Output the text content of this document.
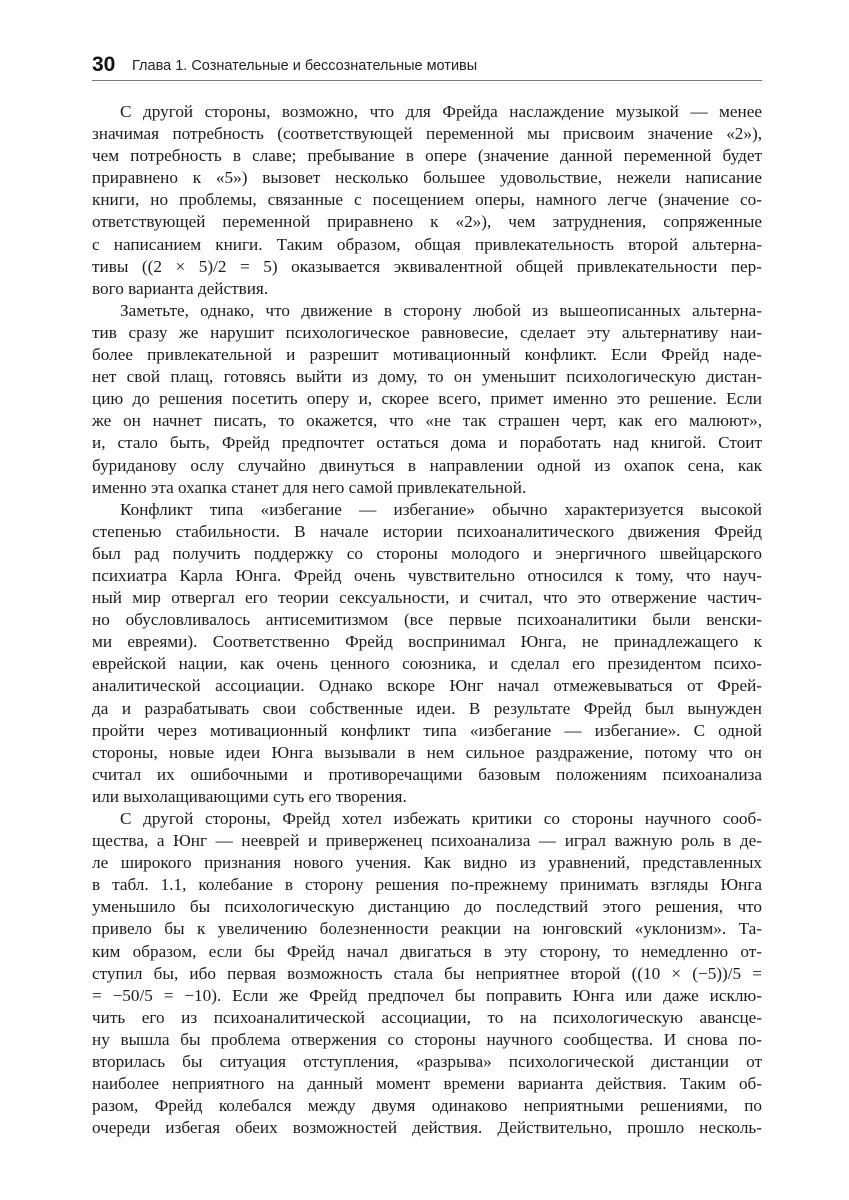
30 Глава 1. Сознательные и бессознательные мотивы
С другой стороны, возможно, что для Фрейда наслаждение музыкой — менее
значимая потребность (соответствующей переменной мы присвоим значение «2»),
чем потребность в славе; пребывание в опере (значение данной переменной будет
приравнено к «5») вызовет несколько большее удовольствие, нежели написание
книги, но проблемы, связанные с посещением оперы, намного легче (значение со-
ответствующей переменной приравнено к «2»), чем затруднения, сопряженные
с написанием книги. Таким образом, общая привлекательность второй альтерна-
тивы ((2 × 5)/2 = 5) оказывается эквивалентной общей привлекательности пер-
вого варианта действия.
Заметьте, однако, что движение в сторону любой из вышеописанных альтерна-
тив сразу же нарушит психологическое равновесие, сделает эту альтернативу наи-
более привлекательной и разрешит мотивационный конфликт. Если Фрейд наде-
нет свой плащ, готовясь выйти из дому, то он уменьшит психологическую дистан-
цию до решения посетить оперу и, скорее всего, примет именно это решение. Если
же он начнет писать, то окажется, что «не так страшен черт, как его малюют»,
и, стало быть, Фрейд предпочтет остаться дома и поработать над книгой. Стоит
буриданову ослу случайно двинуться в направлении одной из охапок сена, как
именно эта охапка станет для него самой привлекательной.
Конфликт типа «избегание — избегание» обычно характеризуется высокой
степенью стабильности. В начале истории психоаналитического движения Фрейд
был рад получить поддержку со стороны молодого и энергичного швейцарского
психиатра Карла Юнга. Фрейд очень чувствительно относился к тому, что науч-
ный мир отвергал его теории сексуальности, и считал, что это отвержение частич-
но обусловливалось антисемитизмом (все первые психоаналитики были венски-
ми евреями). Соответственно Фрейд воспринимал Юнга, не принадлежащего к
еврейской нации, как очень ценного союзника, и сделал его президентом психо-
аналитической ассоциации. Однако вскоре Юнг начал отмежевываться от Фрей-
да и разрабатывать свои собственные идеи. В результате Фрейд был вынужден
пройти через мотивационный конфликт типа «избегание — избегание». С одной
стороны, новые идеи Юнга вызывали в нем сильное раздражение, потому что он
считал их ошибочными и противоречащими базовым положениям психоанализа
или выхолащивающими суть его творения.
С другой стороны, Фрейд хотел избежать критики со стороны научного сооб-
щества, а Юнг — нееврей и приверженец психоанализа — играл важную роль в де-
ле широкого признания нового учения. Как видно из уравнений, представленных
в табл. 1.1, колебание в сторону решения по-прежнему принимать взгляды Юнга
уменьшило бы психологическую дистанцию до последствий этого решения, что
привело бы к увеличению болезненности реакции на юнговский «уклонизм». Та-
ким образом, если бы Фрейд начал двигаться в эту сторону, то немедленно от-
ступил бы, ибо первая возможность стала бы неприятнее второй ((10 × (−5))/5 =
= −50/5 = −10). Если же Фрейд предпочел бы поправить Юнга или даже исклю-
чить его из психоаналитической ассоциации, то на психологическую авансце-
ну вышла бы проблема отвержения со стороны научного сообщества. И снова по-
вторилась бы ситуация отступления, «разрыва» психологической дистанции от
наиболее неприятного на данный момент времени варианта действия. Таким об-
разом, Фрейд колебался между двумя одинаково неприятными решениями, по
очереди избегая обеих возможностей действия. Действительно, прошло несколь-
